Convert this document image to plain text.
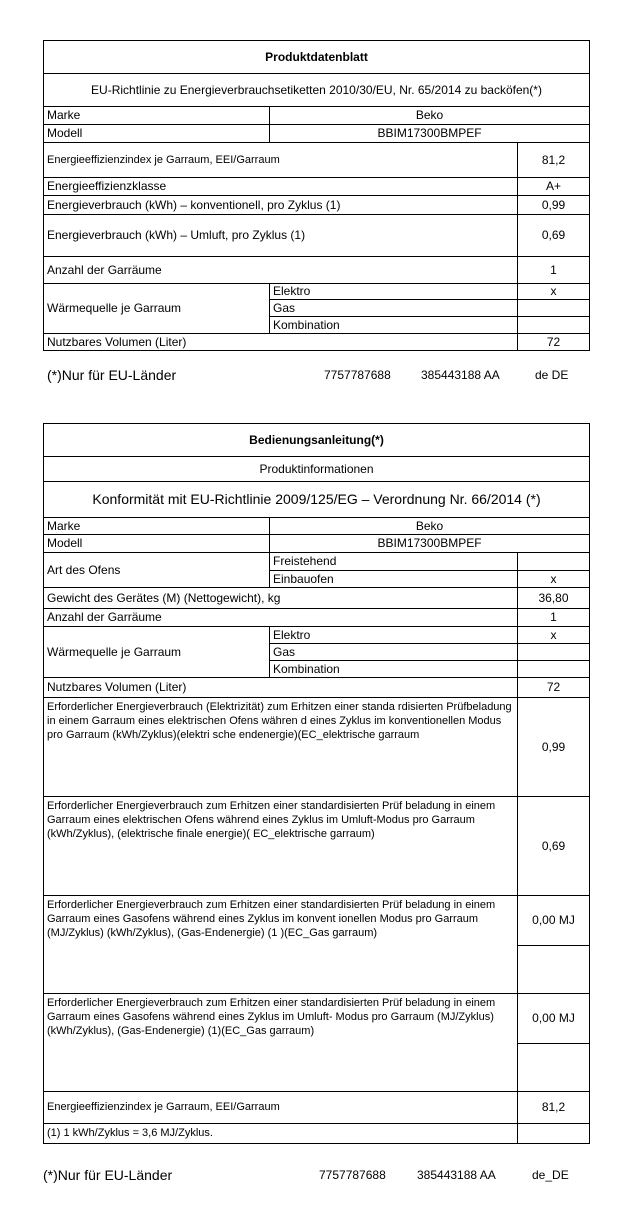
Produktdatenblatt		
EU-Richtlinie zu Energieverbrauchsetiketten 2010/30/EU, Nr. 65/2014 zu backöfen(*)		
Marke	Beko	
Modell	BBIM17300BMPEF	
Energieeffizienzindex je Garraum, EEI/Garraum		81,2
Energieeffizienzklasse		A+
Energieverbrauch (kWh) – konventionell, pro Zyklus (1)		0,99
Energieverbrauch (kWh) – Umluft, pro Zyklus (1)		0,69
Anzahl der Garräume		1
Wärmequelle je Garraum	Elektro	x
	Gas	
	Kombination	
Nutzbares Volumen (Liter)		72
(*)Nur für EU-Länder	7757787688	385443188 AA	de DE
Bedienungsanleitung(*)		
Produktinformationen		
Konformität mit EU-Richtlinie 2009/125/EG – Verordnung Nr. 66/2014 (*)		
Marke	Beko	
Modell	BBIM17300BMPEF	
Art des Ofens	Freistehend	
	Einbauofen	x
Gewicht des Gerätes (M) (Nettogewicht), kg		36,80
Anzahl der Garräume		1
Wärmequelle je Garraum	Elektro	x
	Gas	
	Kombination	
Nutzbares Volumen (Liter)		72
Erforderlicher Energieverbrauch (Elektrizität) zum Erhitzen einer standa rdisierten Prüfbeladung in einem Garraum eines elektrischen Ofens währen d eines Zyklus im konventionellen Modus pro Garraum (kWh/Zyklus)(elektri sche endenergie)(EC_elektrische garraum		0,99
Erforderlicher Energieverbrauch zum Erhitzen einer standardisierten Prüf beladung in einem Garraum eines elektrischen Ofens während eines Zyklus im Umluft-Modus pro Garraum (kWh/Zyklus), (elektrische finale energie)( EC_elektrische garraum)		0,69
Erforderlicher Energieverbrauch zum Erhitzen einer standardisierten Prüf beladung in einem Garraum eines Gasofens während eines Zyklus im konvent ionellen Modus pro Garraum (MJ/Zyklus) (kWh/Zyklus), (Gas-Endenergie) (1 )(EC_Gas garraum)		0,00 MJ

Erforderlicher Energieverbrauch zum Erhitzen einer standardisierten Prüf beladung in einem Garraum eines Gasofens während eines Zyklus im Umluft- Modus pro Garraum (MJ/Zyklus) (kWh/Zyklus), (Gas-Endenergie) (1)(EC_Gas garraum)		0,00 MJ

Energieeffizienzindex je Garraum, EEI/Garraum		81,2
(1) 1 kWh/Zyklus = 3,6 MJ/Zyklus.		
(*)Nur für EU-Länder	7757787688	385443188 AA	de_DE
